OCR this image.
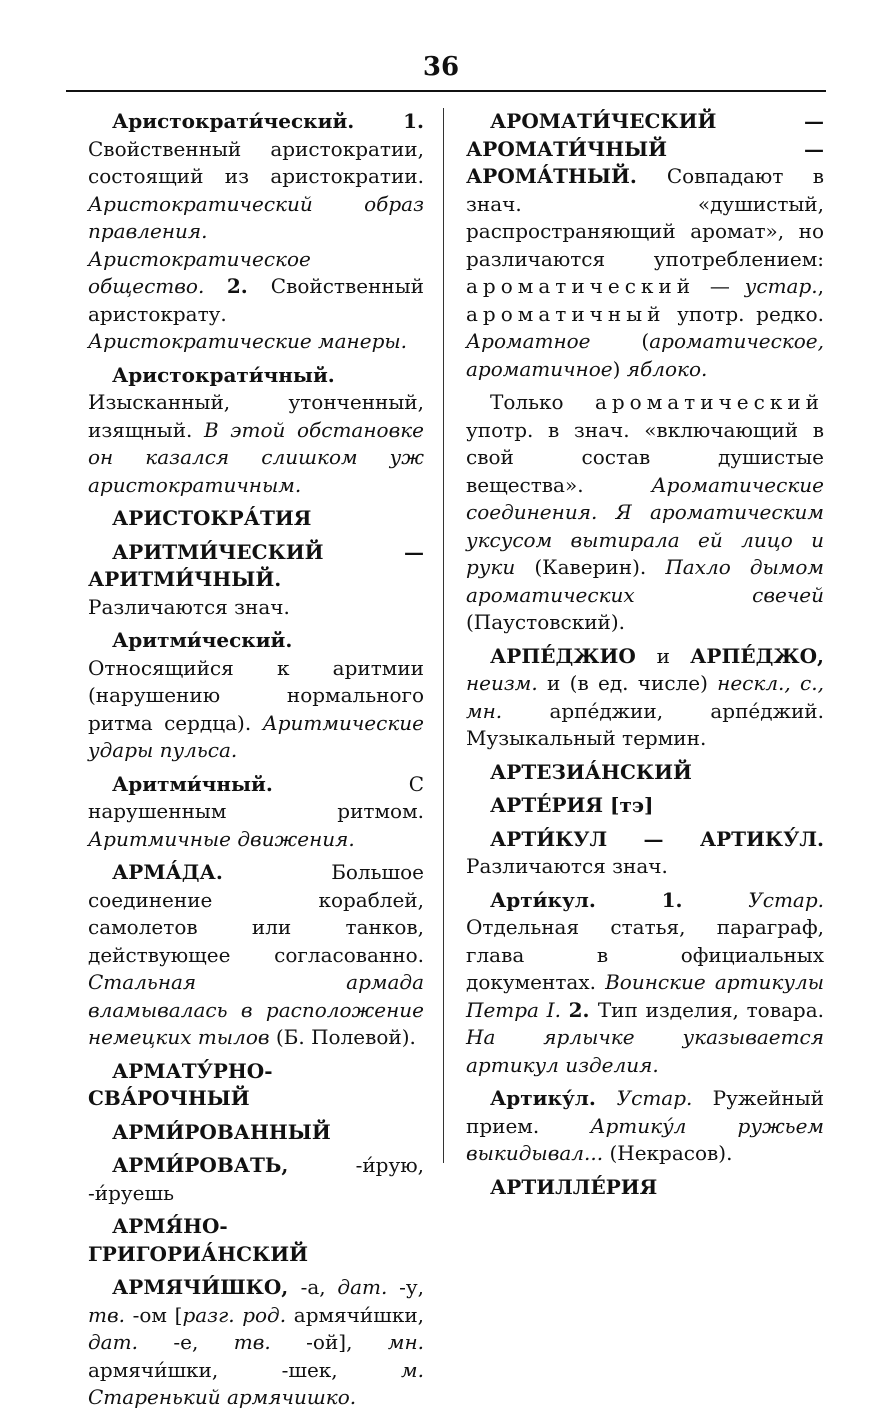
36

Аристократи́ческий. 1. Свойственный аристократии, состоящий из аристократии. Аристократический образ правления. Аристократическое общество. 2. Свойственный аристократу. Аристократические манеры.

Аристократи́чный. Изысканный, утонченный, изящный. В этой обстановке он казался слишком уж аристократичным.

АРИСТОКРА́ТИЯ

АРИТМИ́ЧЕСКИЙ — АРИТМИ́ЧНЫЙ. Различаются знач.

Аритми́ческий. Относящийся к аритмии (нарушению нормального ритма сердца). Аритмические удары пульса.

Аритми́чный. С нарушенным ритмом. Аритмичные движения.

АРМА́ДА. Большое соединение кораблей, самолетов или танков, действующее согласованно. Стальная армада вламывалась в расположение немецких тылов (Б. Полевой).

АРМАТУ́РНО-СВА́РОЧНЫЙ

АРМИ́РОВАННЫЙ

АРМИ́РОВАТЬ, -и́рую, -и́руешь

АРМЯ́НО-ГРИГОРИА́НСКИЙ

АРМЯЧИ́ШКО, -а, дат. -у, тв. -ом [разг. род. армячи́шки, дат. -е, тв. -ой], мн. армячи́шки, -шек, м. Старенький армячишко.

АРОМАТИ́ЧЕСКИЙ — АРОМАТИ́ЧНЫЙ — АРОМА́ТНЫЙ. Совпадают в знач. «душистый, распространяющий аромат», но различаются употреблением: ароматический — устар., ароматичный употр. редко. Ароматное (ароматическое, ароматичное) яблоко.

Только ароматический употр. в знач. «включающий в свой состав душистые вещества». Ароматические соединения. Я ароматическим уксусом вытирала ей лицо и руки (Каверин). Пахло дымом ароматических свечей (Паустовский).

АРПЕ́ДЖИО и АРПЕ́ДЖО, неизм. и (в ед. числе) нескл., с., мн. арпе́джии, арпе́джий. Музыкальный термин.

АРТЕЗИА́НСКИЙ

АРТЕ́РИЯ [тэ]

АРТИ́КУЛ — АРТИКУ́Л. Различаются знач.

Арти́кул. 1. Устар. Отдельная статья, параграф, глава в официальных документах. Воинские артикулы Петра I. 2. Тип изделия, товара. На ярлычке указывается артикул изделия.

Артику́л. Устар. Ружейный прием. Артику́л ружьем выкидывал... (Некрасов).

АРТИЛЛЕ́РИЯ
